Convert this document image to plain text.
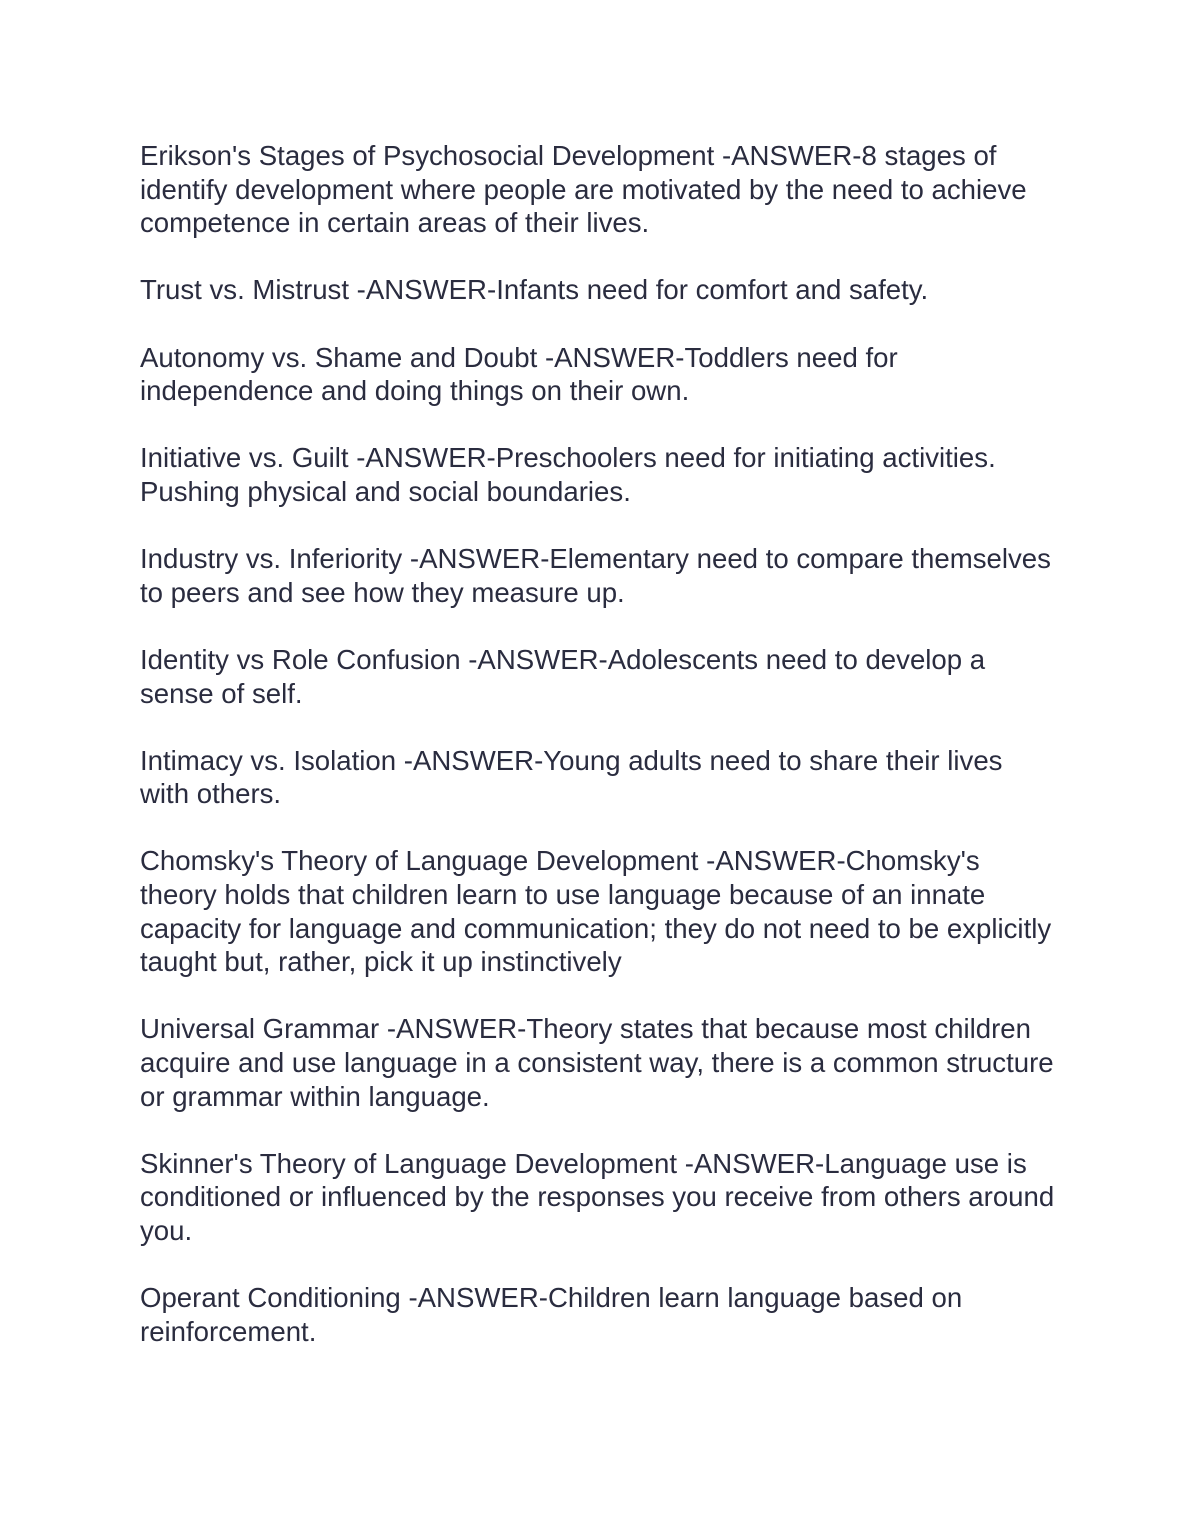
Erikson's Stages of Psychosocial Development -ANSWER-8 stages of identify development where people are motivated by the need to achieve competence in certain areas of their lives.
Trust vs. Mistrust -ANSWER-Infants need for comfort and safety.
Autonomy vs. Shame and Doubt -ANSWER-Toddlers need for independence and doing things on their own.
Initiative vs. Guilt -ANSWER-Preschoolers need for initiating activities. Pushing physical and social boundaries.
Industry vs. Inferiority -ANSWER-Elementary need to compare themselves to peers and see how they measure up.
Identity vs Role Confusion -ANSWER-Adolescents need to develop a sense of self.
Intimacy vs. Isolation -ANSWER-Young adults need to share their lives with others.
Chomsky's Theory of Language Development -ANSWER-Chomsky's theory holds that children learn to use language because of an innate capacity for language and communication; they do not need to be explicitly taught but, rather, pick it up instinctively
Universal Grammar -ANSWER-Theory states that because most children acquire and use language in a consistent way, there is a common structure or grammar within language.
Skinner's Theory of Language Development -ANSWER-Language use is conditioned or influenced by the responses you receive from others around you.
Operant Conditioning -ANSWER-Children learn language based on reinforcement.
